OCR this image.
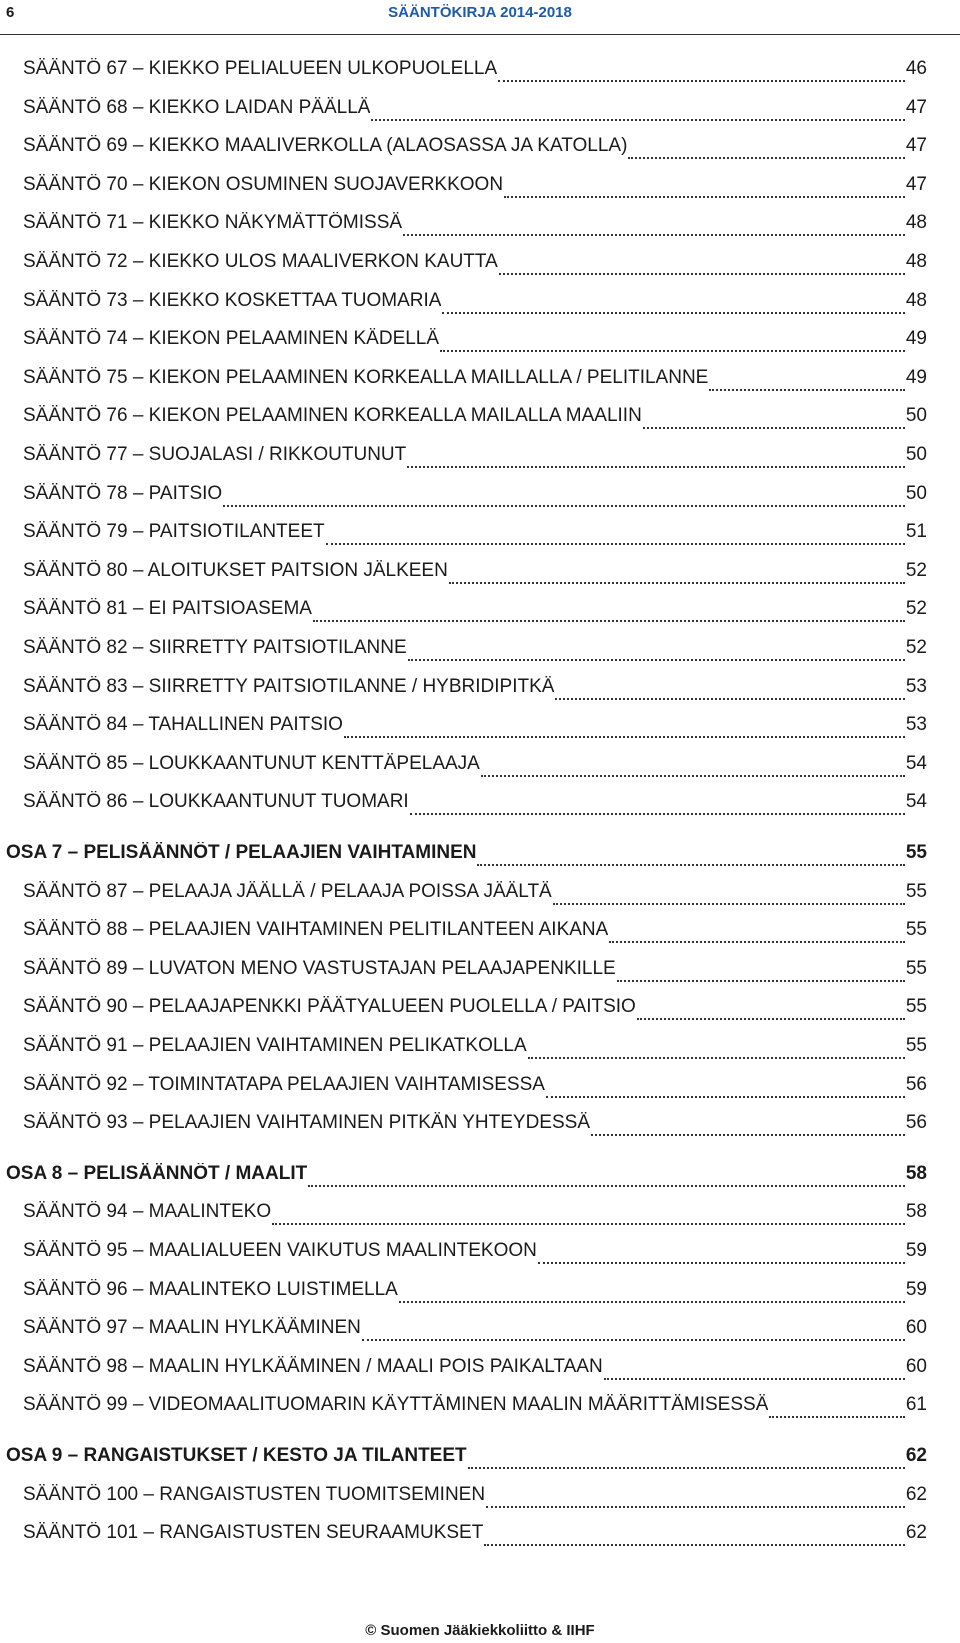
6	SÄÄNTÖKIRJA 2014-2018
SÄÄNTÖ 67 – KIEKKO PELIALUEEN ULKOPUOLELLA	46
SÄÄNTÖ 68 – KIEKKO LAIDAN PÄÄLLÄ	47
SÄÄNTÖ 69 – KIEKKO MAALIVERKOLLA (ALAOSASSA JA KATOLLA)	47
SÄÄNTÖ 70 – KIEKON OSUMINEN SUOJAVERKKOON	47
SÄÄNTÖ 71 – KIEKKO NÄKYMÄTTÖMISSÄ	48
SÄÄNTÖ 72 – KIEKKO ULOS MAALIVERKON KAUTTA	48
SÄÄNTÖ 73 – KIEKKO KOSKETTAA TUOMARIA	48
SÄÄNTÖ 74 – KIEKON PELAAMINEN KÄDELLÄ	49
SÄÄNTÖ 75 – KIEKON PELAAMINEN KORKEALLA MAILLALLA / PELITILANNE	49
SÄÄNTÖ 76 – KIEKON PELAAMINEN KORKEALLA MAILALLA MAALIIN	50
SÄÄNTÖ 77 – SUOJALASI / RIKKOUTUNUT	50
SÄÄNTÖ 78 – PAITSIO	50
SÄÄNTÖ 79 – PAITSIOTILANTEET	51
SÄÄNTÖ 80 – ALOITUKSET PAITSION JÄLKEEN	52
SÄÄNTÖ 81 – EI PAITSIOASEMA	52
SÄÄNTÖ 82 – SIIRRETTY PAITSIOTILANNE	52
SÄÄNTÖ 83 – SIIRRETTY PAITSIOTILANNE / HYBRIDIPITKÄ	53
SÄÄNTÖ 84 – TAHALLINEN PAITSIO	53
SÄÄNTÖ 85 – LOUKKAANTUNUT KENTTÄPELAAJA	54
SÄÄNTÖ 86 – LOUKKAANTUNUT TUOMARI	54
OSA 7 – PELISÄÄNNÖT / PELAAJIEN VAIHTAMINEN	55
SÄÄNTÖ 87 – PELAAJA JÄÄLLÄ / PELAAJA POISSA JÄÄLTÄ	55
SÄÄNTÖ 88 – PELAAJIEN VAIHTAMINEN PELITILANTEEN AIKANA	55
SÄÄNTÖ 89 – LUVATON MENO VASTUSTAJAN PELAAJAPENKILLE	55
SÄÄNTÖ 90 – PELAAJAPENKKI PÄÄTYALUEEN PUOLELLA / PAITSIO	55
SÄÄNTÖ 91 – PELAAJIEN VAIHTAMINEN PELIKATKOLLA	55
SÄÄNTÖ 92 – TOIMINTATAPA PELAAJIEN VAIHTAMISESSA	56
SÄÄNTÖ 93 – PELAAJIEN VAIHTAMINEN PITKÄN YHTEYDESSÄ	56
OSA 8 – PELISÄÄNNÖT / MAALIT	58
SÄÄNTÖ 94 – MAALINTEKO	58
SÄÄNTÖ 95 – MAALIALUEEN VAIKUTUS MAALINTEKOON	59
SÄÄNTÖ 96 – MAALINTEKO LUISTIMELLA	59
SÄÄNTÖ 97 – MAALIN HYLKÄÄMINEN	60
SÄÄNTÖ 98 – MAALIN HYLKÄÄMINEN / MAALI POIS PAIKALTAAN	60
SÄÄNTÖ 99 – VIDEOMAALITUOMARIN KÄYTTÄMINEN MAALIN MÄÄRITTÄMISESSÄ	61
OSA 9 – RANGAISTUKSET / KESTO JA TILANTEET	62
SÄÄNTÖ 100 – RANGAISTUSTEN TUOMITSEMINEN	62
SÄÄNTÖ 101 – RANGAISTUSTEN SEURAAMUKSET	62
© Suomen Jääkiekkoliitto & IIHF
